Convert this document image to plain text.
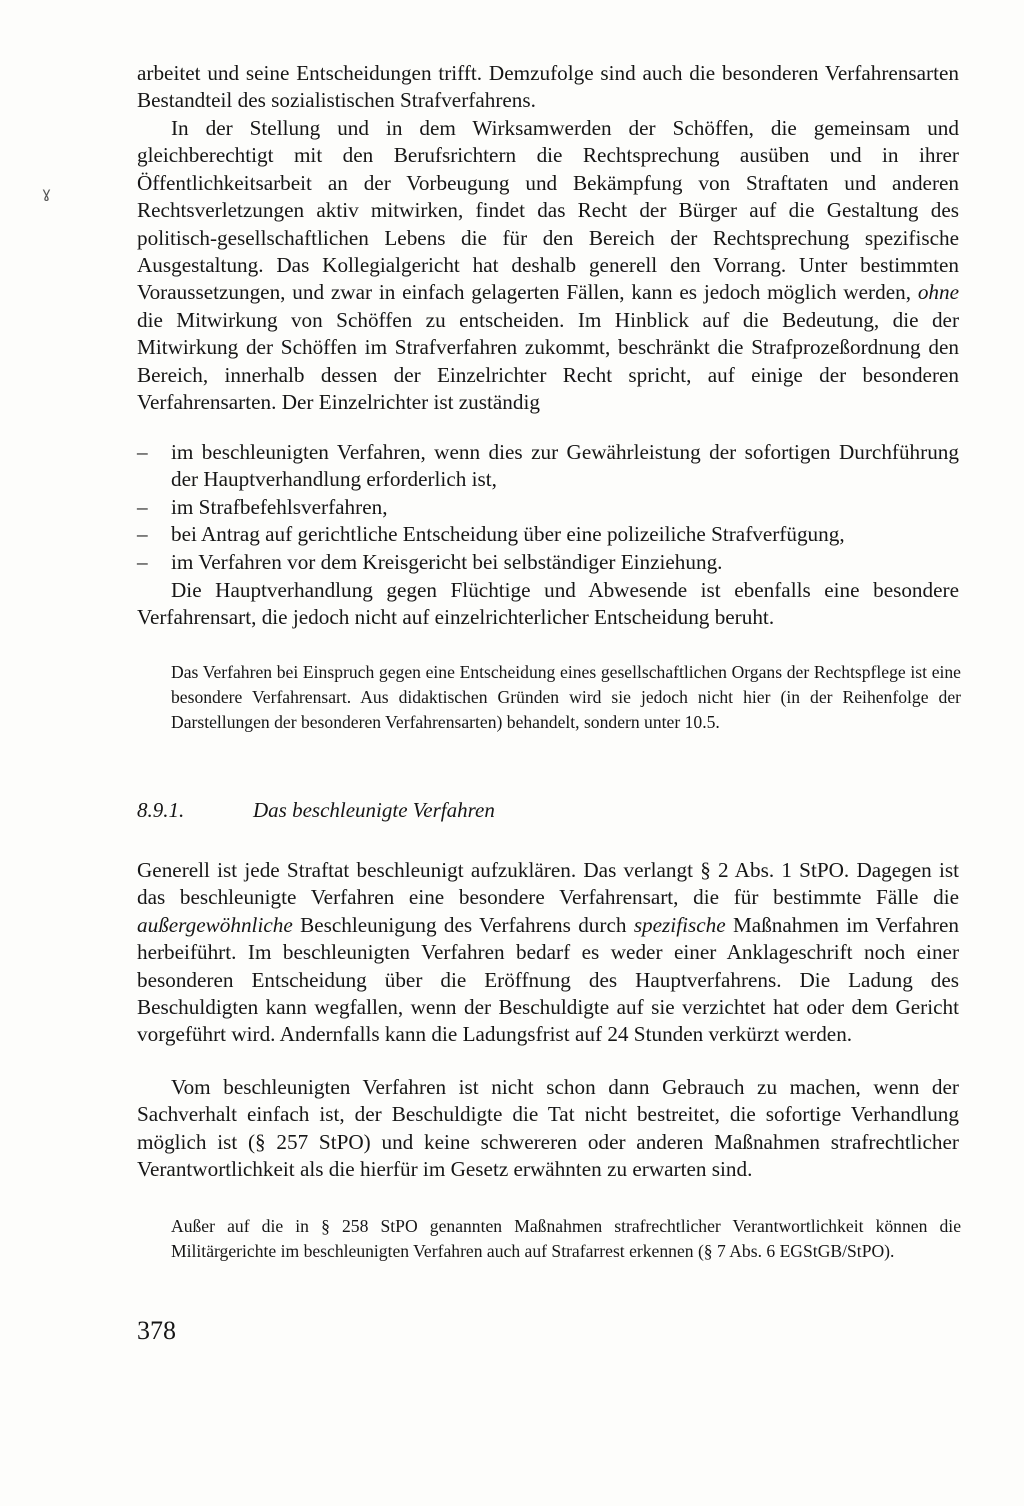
ɣ

arbeitet und seine Entscheidungen trifft. Demzufolge sind auch die besonderen Verfahrensarten Bestandteil des sozialistischen Strafverfahrens.

In der Stellung und in dem Wirksamwerden der Schöffen, die gemeinsam und gleichberechtigt mit den Berufsrichtern die Rechtsprechung ausüben und in ihrer Öffentlichkeitsarbeit an der Vorbeugung und Bekämpfung von Straftaten und anderen Rechtsverletzungen aktiv mitwirken, findet das Recht der Bürger auf die Gestaltung des politisch-gesellschaftlichen Lebens die für den Bereich der Rechtsprechung spezifische Ausgestaltung. Das Kollegialgericht hat deshalb generell den Vorrang. Unter bestimmten Voraussetzungen, und zwar in einfach gelagerten Fällen, kann es jedoch möglich werden, ohne die Mitwirkung von Schöffen zu entscheiden. Im Hinblick auf die Bedeutung, die der Mitwirkung der Schöffen im Strafverfahren zukommt, beschränkt die Strafprozeßordnung den Bereich, innerhalb dessen der Einzelrichter Recht spricht, auf einige der besonderen Verfahrensarten. Der Einzelrichter ist zuständig

– im beschleunigten Verfahren, wenn dies zur Gewährleistung der sofortigen Durchführung der Hauptverhandlung erforderlich ist,
– im Strafbefehlsverfahren,
– bei Antrag auf gerichtliche Entscheidung über eine polizeiliche Strafverfügung,
– im Verfahren vor dem Kreisgericht bei selbständiger Einziehung.

Die Hauptverhandlung gegen Flüchtige und Abwesende ist ebenfalls eine besondere Verfahrensart, die jedoch nicht auf einzelrichterlicher Entscheidung beruht.

Das Verfahren bei Einspruch gegen eine Entscheidung eines gesellschaftlichen Organs der Rechtspflege ist eine besondere Verfahrensart. Aus didaktischen Gründen wird sie jedoch nicht hier (in der Reihenfolge der Darstellungen der besonderen Verfahrensarten) behandelt, sondern unter 10.5.

8.9.1.	Das beschleunigte Verfahren

Generell ist jede Straftat beschleunigt aufzuklären. Das verlangt § 2 Abs. 1 StPO. Dagegen ist das beschleunigte Verfahren eine besondere Verfahrensart, die für bestimmte Fälle die außergewöhnliche Beschleunigung des Verfahrens durch spezifische Maßnahmen im Verfahren herbeiführt. Im beschleunigten Verfahren bedarf es weder einer Anklageschrift noch einer besonderen Entscheidung über die Eröffnung des Hauptverfahrens. Die Ladung des Beschuldigten kann wegfallen, wenn der Beschuldigte auf sie verzichtet hat oder dem Gericht vorgeführt wird. Andernfalls kann die Ladungsfrist auf 24 Stunden verkürzt werden.

Vom beschleunigten Verfahren ist nicht schon dann Gebrauch zu machen, wenn der Sachverhalt einfach ist, der Beschuldigte die Tat nicht bestreitet, die sofortige Verhandlung möglich ist (§ 257 StPO) und keine schwereren oder anderen Maßnahmen strafrechtlicher Verantwortlichkeit als die hierfür im Gesetz erwähnten zu erwarten sind.

Außer auf die in § 258 StPO genannten Maßnahmen strafrechtlicher Verantwortlichkeit können die Militärgerichte im beschleunigten Verfahren auch auf Strafarrest erkennen (§ 7 Abs. 6 EGStGB/StPO).

378
